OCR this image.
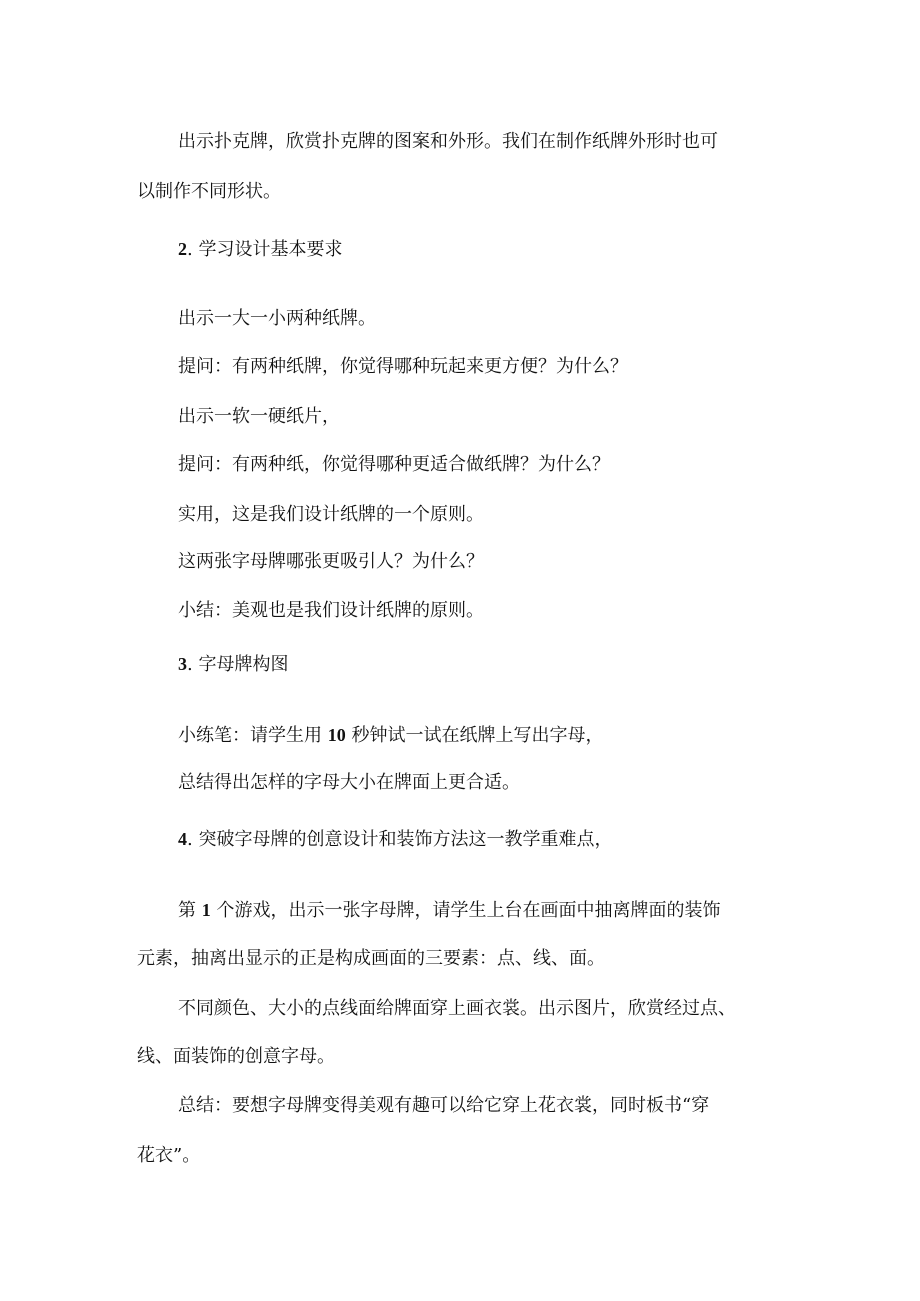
出示扑克牌，欣赏扑克牌的图案和外形。我们在制作纸牌外形时也可

以制作不同形状。

2. 学习设计基本要求

出示一大一小两种纸牌。

提问：有两种纸牌，你觉得哪种玩起来更方便？为什么？

出示一软一硬纸片，

提问：有两种纸，你觉得哪种更适合做纸牌？为什么？

实用，这是我们设计纸牌的一个原则。

这两张字母牌哪张更吸引人？为什么？

小结：美观也是我们设计纸牌的原则。

3. 字母牌构图

小练笔：请学生用 10 秒钟试一试在纸牌上写出字母，

总结得出怎样的字母大小在牌面上更合适。

4. 突破字母牌的创意设计和装饰方法这一教学重难点，

第 1 个游戏，出示一张字母牌，请学生上台在画面中抽离牌面的装饰

元素，抽离出显示的正是构成画面的三要素：点、线、面。

不同颜色、大小的点线面给牌面穿上画衣裳。出示图片，欣赏经过点、

线、面装饰的创意字母。

总结：要想字母牌变得美观有趣可以给它穿上花衣裳，同时板书“穿

花衣”。
